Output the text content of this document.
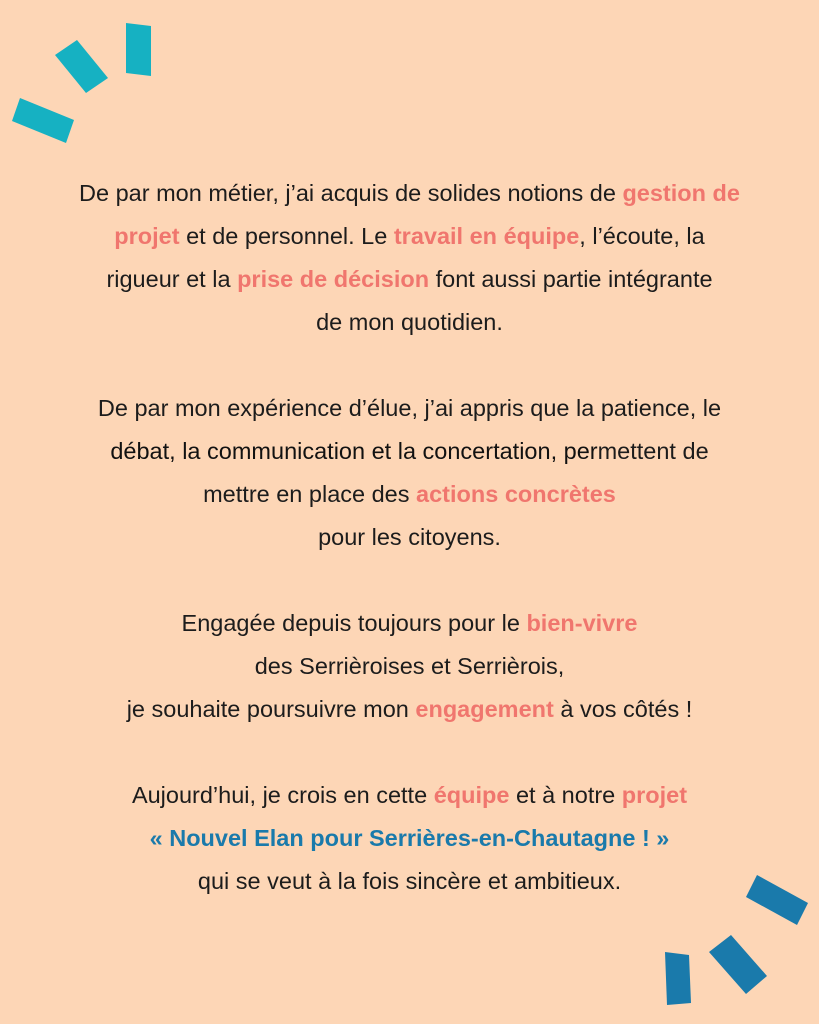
De par mon métier, j’ai acquis de solides notions de gestion de
projet et de personnel. Le travail en équipe, l’écoute, la
rigueur et la prise de décision font aussi partie intégrante
de mon quotidien.
De par mon expérience d’élue, j’ai appris que la patience, le
débat, la communication et la concertation, permettent de
mettre en place des actions concrètes
pour les citoyens.
Engagée depuis toujours pour le bien-vivre
des Serrièroises et Serrièrois,
je souhaite poursuivre mon engagement à vos côtés !
Aujourd’hui, je crois en cette équipe et à notre projet
« Nouvel Elan pour Serrières-en-Chautagne ! »
qui se veut à la fois sincère et ambitieux.
